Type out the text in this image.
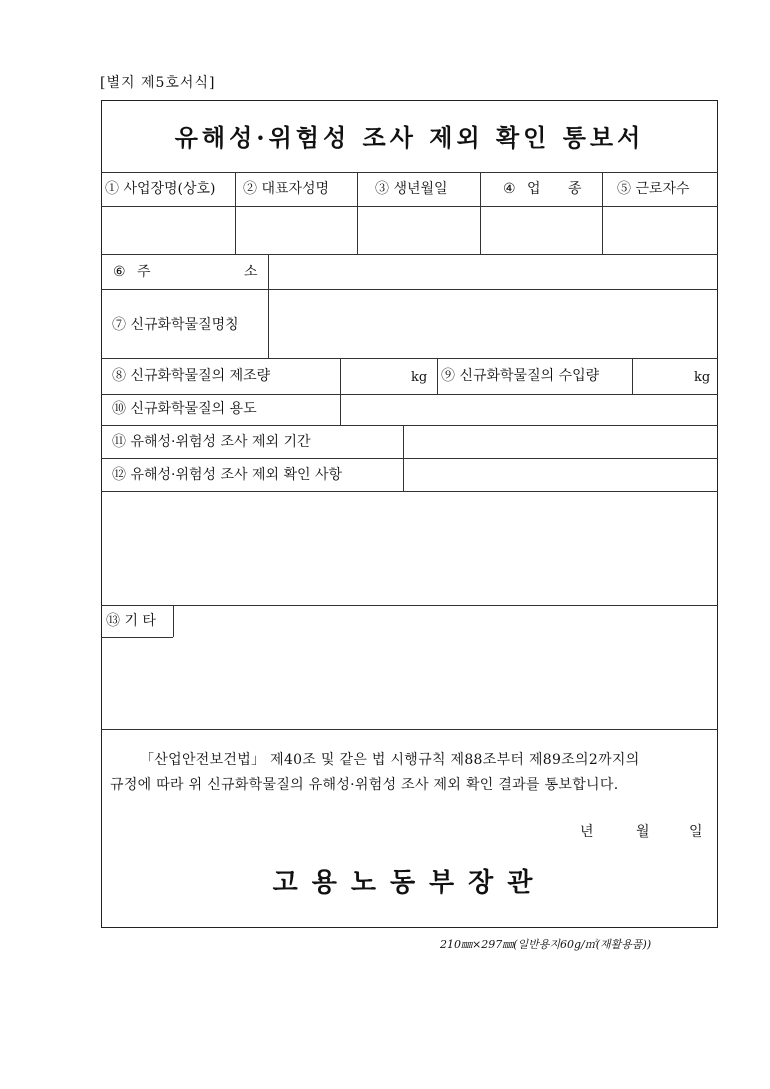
[별지 제5호서식]
유해성·위험성 조사 제외 확인 통보서
① 사업장명(상호) ② 대표자성명	③ 생년월일	④ 업 종	⑤ 근로자수
⑥ 주	소
⑦ 신규화학물질명칭
⑧ 신규화학물질의 제조량	kg ⑨ 신규화학물질의 수입량	kg
⑩ 신규화학물질의 용도
⑪ 유해성·위험성 조사 제외 기간
⑫ 유해성·위험성 조사 제외 확인 사항
⑬ 기 타
「산업안전보건법」 제40조 및 같은 법 시행규칙 제88조부터 제89조의2까지의
규정에 따라 위 신규화학물질의 유해성·위험성 조사 제외 확인 결과를 통보합니다.
년	월	일
고용노동부장관
210㎜×297㎜(일반용지60g/㎡(재활용품))
